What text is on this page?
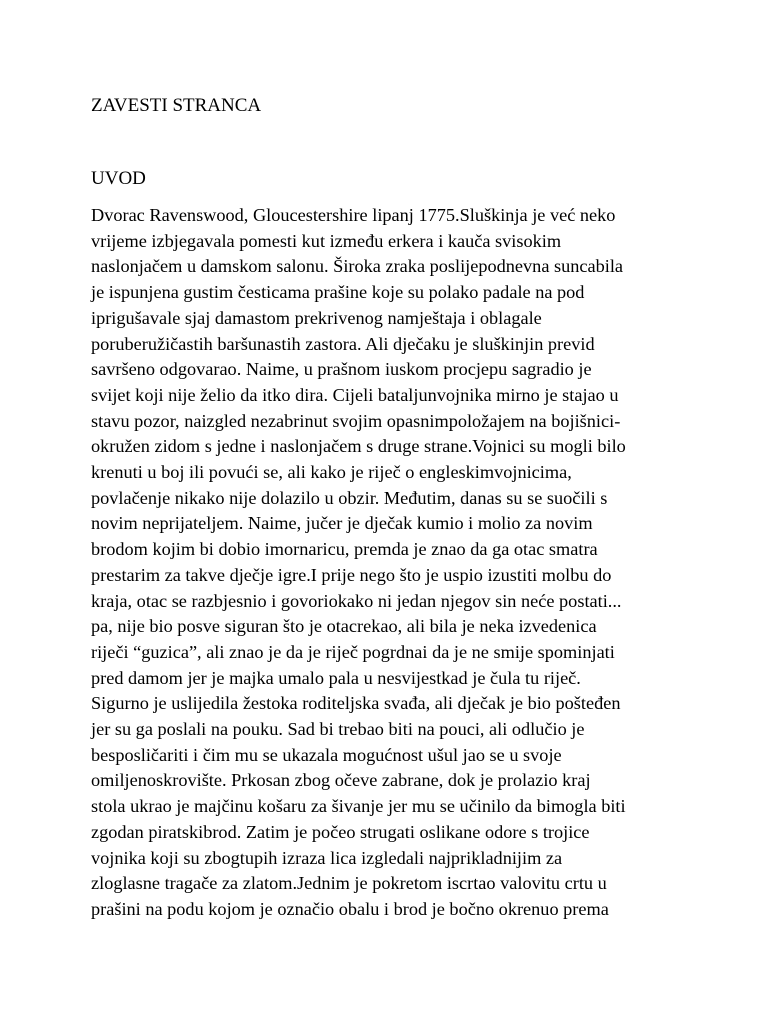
ZAVESTI STRANCA
UVOD

Dvorac Ravenswood, Gloucestershire lipanj 1775.Sluškinja je već neko
vrijeme izbjegavala pomesti kut između erkera i kauča svisokim
naslonjačem u damskom salonu. Široka zraka poslijepodnevna suncabila
je ispunjena gustim česticama prašine koje su polako padale na pod
iprigušavale sjaj damastom prekrivenog namještaja i oblagale
poruberužičastih baršunastih zastora. Ali dječaku je sluškinjin previd
savršeno odgovarao. Naime, u prašnom iuskom procjepu sagradio je
svijet koji nije želio da itko dira. Cijeli bataljunvojnika mirno je stajao u
stavu pozor, naizgled nezabrinut svojim opasnimpoložajem na bojišnici-
okružen zidom s jedne i naslonjačem s druge strane.Vojnici su mogli bilo
krenuti u boj ili povući se, ali kako je riječ o engleskimvojnicima,
povlačenje nikako nije dolazilo u obzir. Međutim, danas su se suočili s
novim neprijateljem. Naime, jučer je dječak kumio i molio za novim
brodom kojim bi dobio imornaricu, premda je znao da ga otac smatra
prestarim za takve dječje igre.I prije nego što je uspio izustiti molbu do
kraja, otac se razbjesnio i govoriokako ni jedan njegov sin neće postati...
pa, nije bio posve siguran što je otacrekao, ali bila je neka izvedenica
riječi “guzica”, ali znao je da je riječ pogrdnai da je ne smije spominjati
pred damom jer je majka umalo pala u nesvijestkad je čula tu riječ.
Sigurno je uslijedila žestoka roditeljska svađa, ali dječak je bio pošteđen
jer su ga poslali na pouku. Sad bi trebao biti na pouci, ali odlučio je
besposličariti i čim mu se ukazala mogućnost ušul jao se u svoje
omiljenoskrovište. Prkosan zbog očeve zabrane, dok je prolazio kraj
stola ukrao je majčinu košaru za šivanje jer mu se učinilo da bimogla biti
zgodan piratskibrod. Zatim je počeo strugati oslikane odore s trojice
vojnika koji su zbogtupih izraza lica izgledali najprikladnijim za
zloglasne tragače za zlatom.Jednim je pokretom iscrtao valovitu crtu u
prašini na podu kojom je označio obalu i brod je bočno okrenuo prema
